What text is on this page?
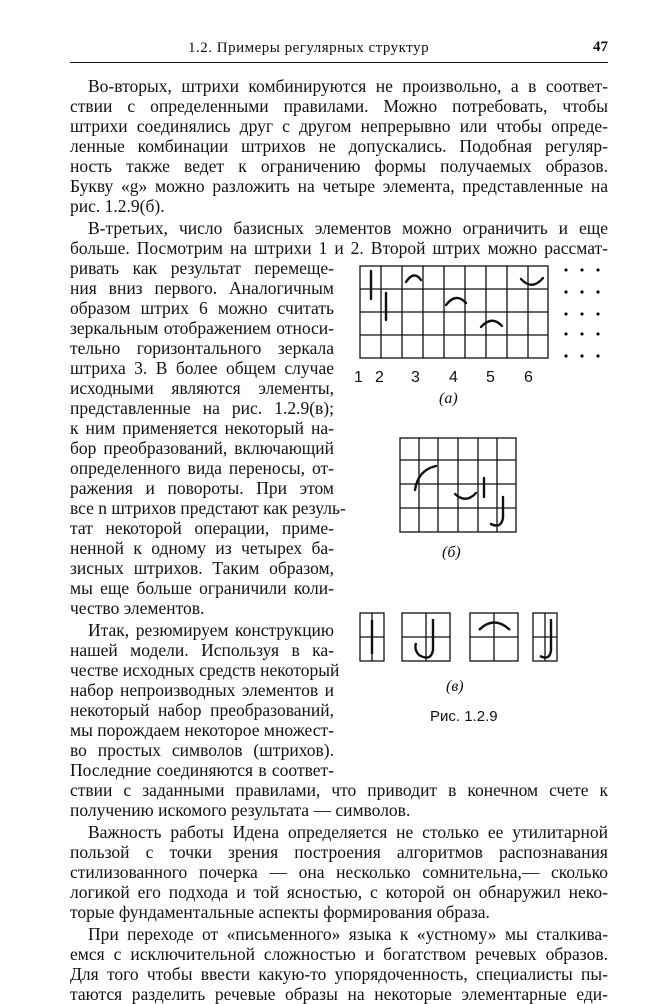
1.2. Примеры регулярных структур	47
Во-вторых, штрихи комбинируются не произвольно, а в соответ-
ствии с определенными правилами. Можно потребовать, чтобы
штрихи соединялись друг с другом непрерывно или чтобы опреде-
ленные комбинации штрихов не допускались. Подобная регуляр-
ность также ведет к ограничению формы получаемых образов.
Букву «g» можно разложить на четыре элемента, представленные на
рис. 1.2.9(б).
В-третьих, число базисных элементов можно ограничить и еще
больше. Посмотрим на штрихи 1 и 2. Второй штрих можно рассмат-
ривать как результат перемеще-
ния вниз первого. Аналогичным
образом штрих 6 можно считать
зеркальным отображением относи-
тельно горизонтального зеркала
штриха 3. В более общем случае
исходными являются элементы,
представленные на рис. 1.2.9(в);
к ним применяется некоторый на-
бор преобразований, включающий
определенного вида переносы, от-
ражения и повороты. При этом
все n штрихов предстают как резуль-
тат некоторой операции, приме-
ненной к одному из четырех ба-
зисных штрихов. Таким образом,
мы еще больше ограничили коли-
чество элементов.
Итак, резюмируем конструкцию
нашей модели. Используя в ка-
честве исходных средств некоторый
набор непроизводных элементов и
некоторый набор преобразований,
мы порождаем некоторое множест-
во простых символов (штрихов).
Последние соединяются в соответ-
ствии с заданными правилами, что приводит в конечном счете к
получению искомого результата — символов.
Важность работы Идена определяется не столько ее утилитарной
пользой с точки зрения построения алгоритмов распознавания
стилизованного почерка — она несколько сомнительна,— сколько
логикой его подхода и той ясностью, с которой он обнаружил неко-
торые фундаментальные аспекты формирования образа.
При переходе от «письменного» языка к «устному» мы сталкива-
емся с исключительной сложностью и богатством речевых образов.
Для того чтобы ввести какую-то упорядоченность, специалисты пы-
таются разделить речевые образы на некоторые элементарные еди-
1 2 3 4 5 6
(а)
(б)
(в)
Рис. 1.2.9
